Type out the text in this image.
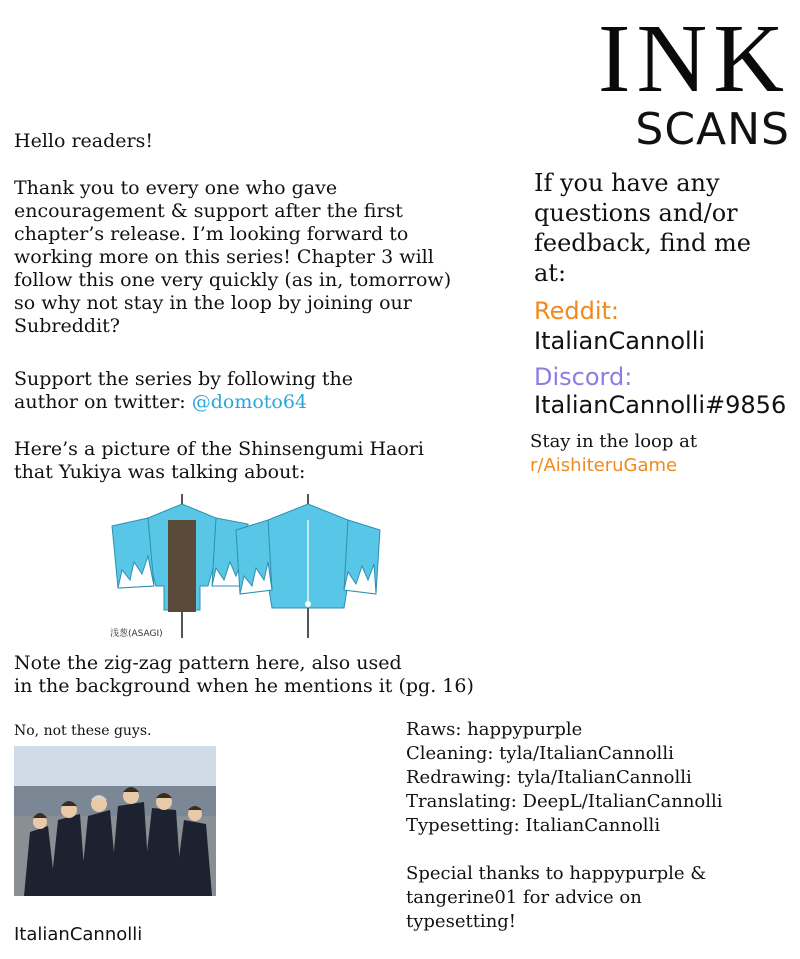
INK
SCANS
Hello readers!
Thank you to every one who gave
encouragement & support after the first
chapter’s release. I’m looking forward to
working more on this series! Chapter 3 will
follow this one very quickly (as in, tomorrow)
so why not stay in the loop by joining our
Subreddit?
Support the series by following the
author on twitter: @domoto64
Here’s a picture of the Shinsengumi Haori
that Yukiya was talking about:
浅葱(ASAGI)
Note the zig-zag pattern here, also used
in the background when he mentions it (pg. 16)
No, not these guys.
ItalianCannolli
If you have any
questions and/or
feedback, find me
at:
Reddit:
ItalianCannolli
Discord:
ItalianCannolli#9856
Stay in the loop at
r/AishiteruGame
Raws: happypurple
Cleaning: tyla/ItalianCannolli
Redrawing: tyla/ItalianCannolli
Translating: DeepL/ItalianCannolli
Typesetting: ItalianCannolli
Special thanks to happypurple &
tangerine01 for advice on
typesetting!
